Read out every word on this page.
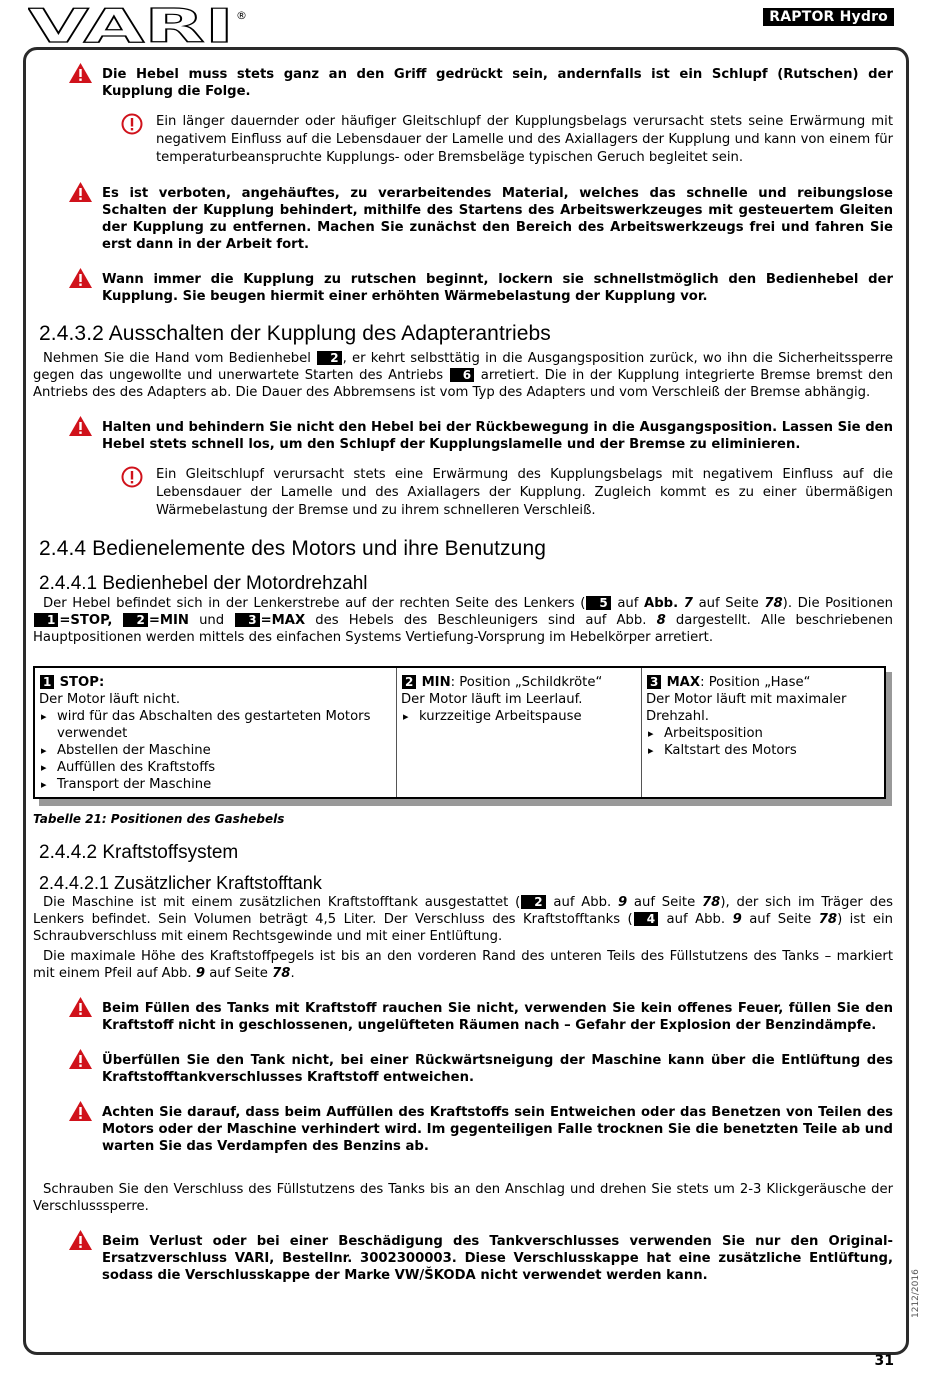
VARI ®	RAPTOR Hydro
Die Hebel muss stets ganz an den Griff gedrückt sein, andernfalls ist ein Schlupf (Rutschen) der Kupplung die Folge.
Ein länger dauernder oder häufiger Gleitschlupf der Kupplungsbelags verursacht stets seine Erwärmung mit negativem Einfluss auf die Lebensdauer der Lamelle und des Axiallagers der Kupplung und kann von einem für temperaturbeanspruchte Kupplungs- oder Bremsbeläge typischen Geruch begleitet sein.
Es ist verboten, angehäuftes, zu verarbeitendes Material, welches das schnelle und reibungslose Schalten der Kupplung behindert, mithilfe des Startens des Arbeitswerkzeuges mit gesteuertem Gleiten der Kupplung zu entfernen. Machen Sie zunächst den Bereich des Arbeitswerkzeugs frei und fahren Sie erst dann in der Arbeit fort.
Wann immer die Kupplung zu rutschen beginnt, lockern sie schnellstmöglich den Bedienhebel der Kupplung. Sie beugen hiermit einer erhöhten Wärmebelastung der Kupplung vor.
2.4.3.2 Ausschalten der Kupplung des Adapterantriebs

Nehmen Sie die Hand vom Bedienhebel 2 , er kehrt selbsttätig in die Ausgangsposition zurück, wo ihn die Sicherheitssperre gegen das ungewollte und unerwartete Starten des Antriebs 6 arretiert. Die in der Kupplung integrierte Bremse bremst den Antriebs des des Adapters ab. Die Dauer des Abbremsens ist vom Typ des Adapters und vom Verschleiß der Bremse abhängig.

Halten und behindern Sie nicht den Hebel bei der Rückbewegung in die Ausgangsposition. Lassen Sie den Hebel stets schnell los, um den Schlupf der Kupplungslamelle und der Bremse zu eliminieren.
Ein Gleitschlupf verursacht stets eine Erwärmung des Kupplungsbelags mit negativem Einfluss auf die Lebensdauer der Lamelle und des Axiallagers der Kupplung. Zugleich kommt es zu einer übermäßigen Wärmebelastung der Bremse und zu ihrem schnelleren Verschleiß.
2.4.4 Bedienelemente des Motors und ihre Benutzung
2.4.4.1 Bedienhebel der Motordrehzahl

Der Hebel befindet sich in der Lenkerstrebe auf der rechten Seite des Lenkers ( 5 auf Abb. 7 auf Seite 78). Die Positionen 1 =STOP, 2 =MIN und 3 =MAX des Hebels des Beschleunigers sind auf Abb. 8 dargestellt. Alle beschriebenen Hauptpositionen werden mittels des einfachen Systems Vertiefung-Vorsprung im Hebelkörper arretiert.

1 STOP:
Der Motor läuft nicht.
▸ wird für das Abschalten des gestarteten Motors verwendet
▸ Abstellen der Maschine
▸ Auffüllen des Kraftstoffs
▸ Transport der Maschine
	2 MIN: Position „Schildkröte“
Der Motor läuft im Leerlauf.
▸ kurzzeitige Arbeitspause
	3 MAX: Position „Hase“
Der Motor läuft mit maximaler Drehzahl.
▸ Arbeitsposition
▸ Kaltstart des Motors
Tabelle 21: Positionen des Gashebels
2.4.4.2 Kraftstoffsystem
2.4.4.2.1 Zusätzlicher Kraftstofftank

Die Maschine ist mit einem zusätzlichen Kraftstofftank ausgestattet ( 2 auf Abb. 9 auf Seite 78), der sich im Träger des Lenkers befindet. Sein Volumen beträgt 4,5 Liter. Der Verschluss des Kraftstofftanks ( 4 auf Abb. 9 auf Seite 78) ist ein Schraubverschluss mit einem Rechtsgewinde und mit einer Entlüftung.

Die maximale Höhe des Kraftstoffpegels ist bis an den vorderen Rand des unteren Teils des Füllstutzens des Tanks – markiert mit einem Pfeil auf Abb. 9 auf Seite 78.

Beim Füllen des Tanks mit Kraftstoff rauchen Sie nicht, verwenden Sie kein offenes Feuer, füllen Sie den Kraftstoff nicht in geschlossenen, ungelüfteten Räumen nach – Gefahr der Explosion der Benzindämpfe.
Überfüllen Sie den Tank nicht, bei einer Rückwärtsneigung der Maschine kann über die Entlüftung des Kraftstofftankverschlusses Kraftstoff entweichen.
Achten Sie darauf, dass beim Auffüllen des Kraftstoffs sein Entweichen oder das Benetzen von Teilen des Motors oder der Maschine verhindert wird. Im gegenteiligen Falle trocknen Sie die benetzten Teile ab und warten Sie das Verdampfen des Benzins ab.

Schrauben Sie den Verschluss des Füllstutzens des Tanks bis an den Anschlag und drehen Sie stets um 2-3 Klickgeräusche der Verschlusssperre.

Beim Verlust oder bei einer Beschädigung des Tankverschlusses verwenden Sie nur den Original-Ersatzverschluss VARI, Bestellnr. 3002300003. Diese Verschlusskappe hat eine zusätzliche Entlüftung, sodass die Verschlusskappe der Marke VW/ŠKODA nicht verwendet werden kann.	1212/2016
31
